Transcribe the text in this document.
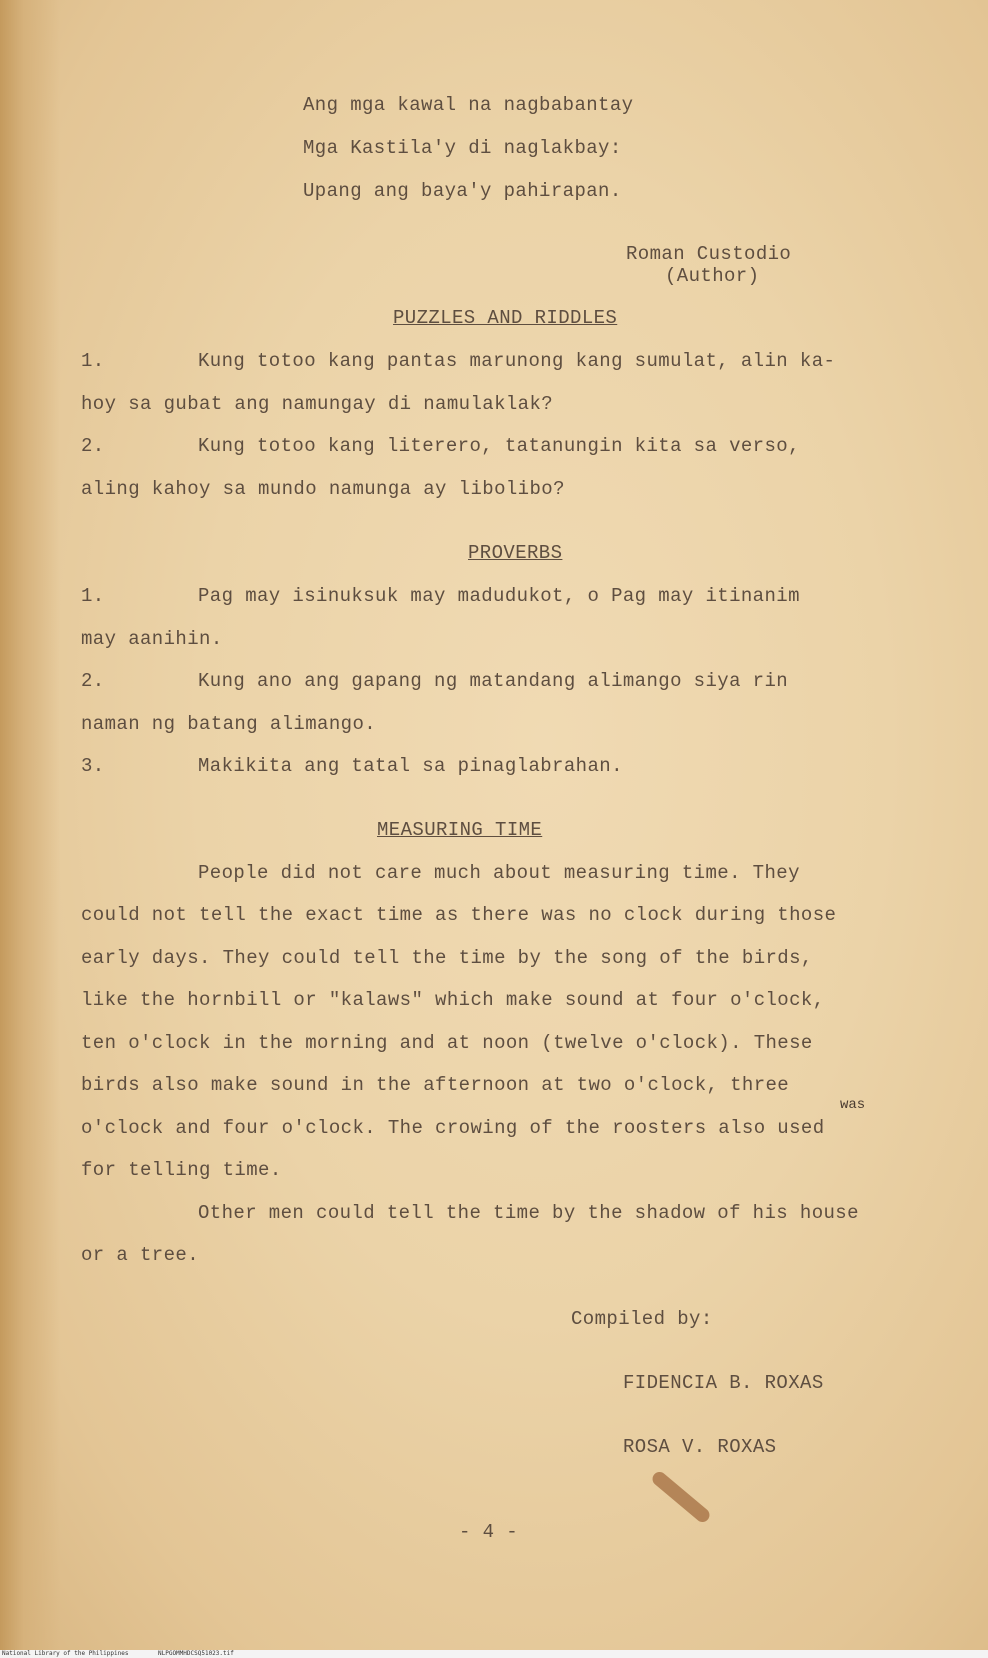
Ang mga kawal na nagbabantay
Mga Kastila'y di naglakbay:
Upang ang baya'y pahirapan.
Roman Custodio
(Author)
PUZZLES AND RIDDLES
1.	Kung totoo kang pantas marunong kang sumulat, alin ka-
hoy sa gubat ang namungay di namulaklak?
2.	Kung totoo kang literero, tatanungin kita sa verso,
aling kahoy sa mundo namunga ay libolibo?
PROVERBS
1.	Pag may isinuksuk may madudukot, o Pag may itinanim
may aanihin.
2.	Kung ano ang gapang ng matandang alimango siya rin
naman ng batang alimango.
3.	Makikita ang tatal sa pinaglabrahan.
MEASURING TIME
People did not care much about measuring time. They
could not tell the exact time as there was no clock during those
early days. They could tell the time by the song of the birds,
like the hornbill or "kalaws" which make sound at four o'clock,
ten o'clock in the morning and at noon (twelve o'clock). These
birds also make sound in the afternoon at two o'clock, three
was
o'clock and four o'clock. The crowing of the roosters also used
for telling time.
Other men could tell the time by the shadow of his house
or a tree.
Compiled by:
FIDENCIA B. ROXAS
ROSA V. ROXAS
- 4 -
National Library of the Philippines	NLPGOMMHDCSQ51023.tif
